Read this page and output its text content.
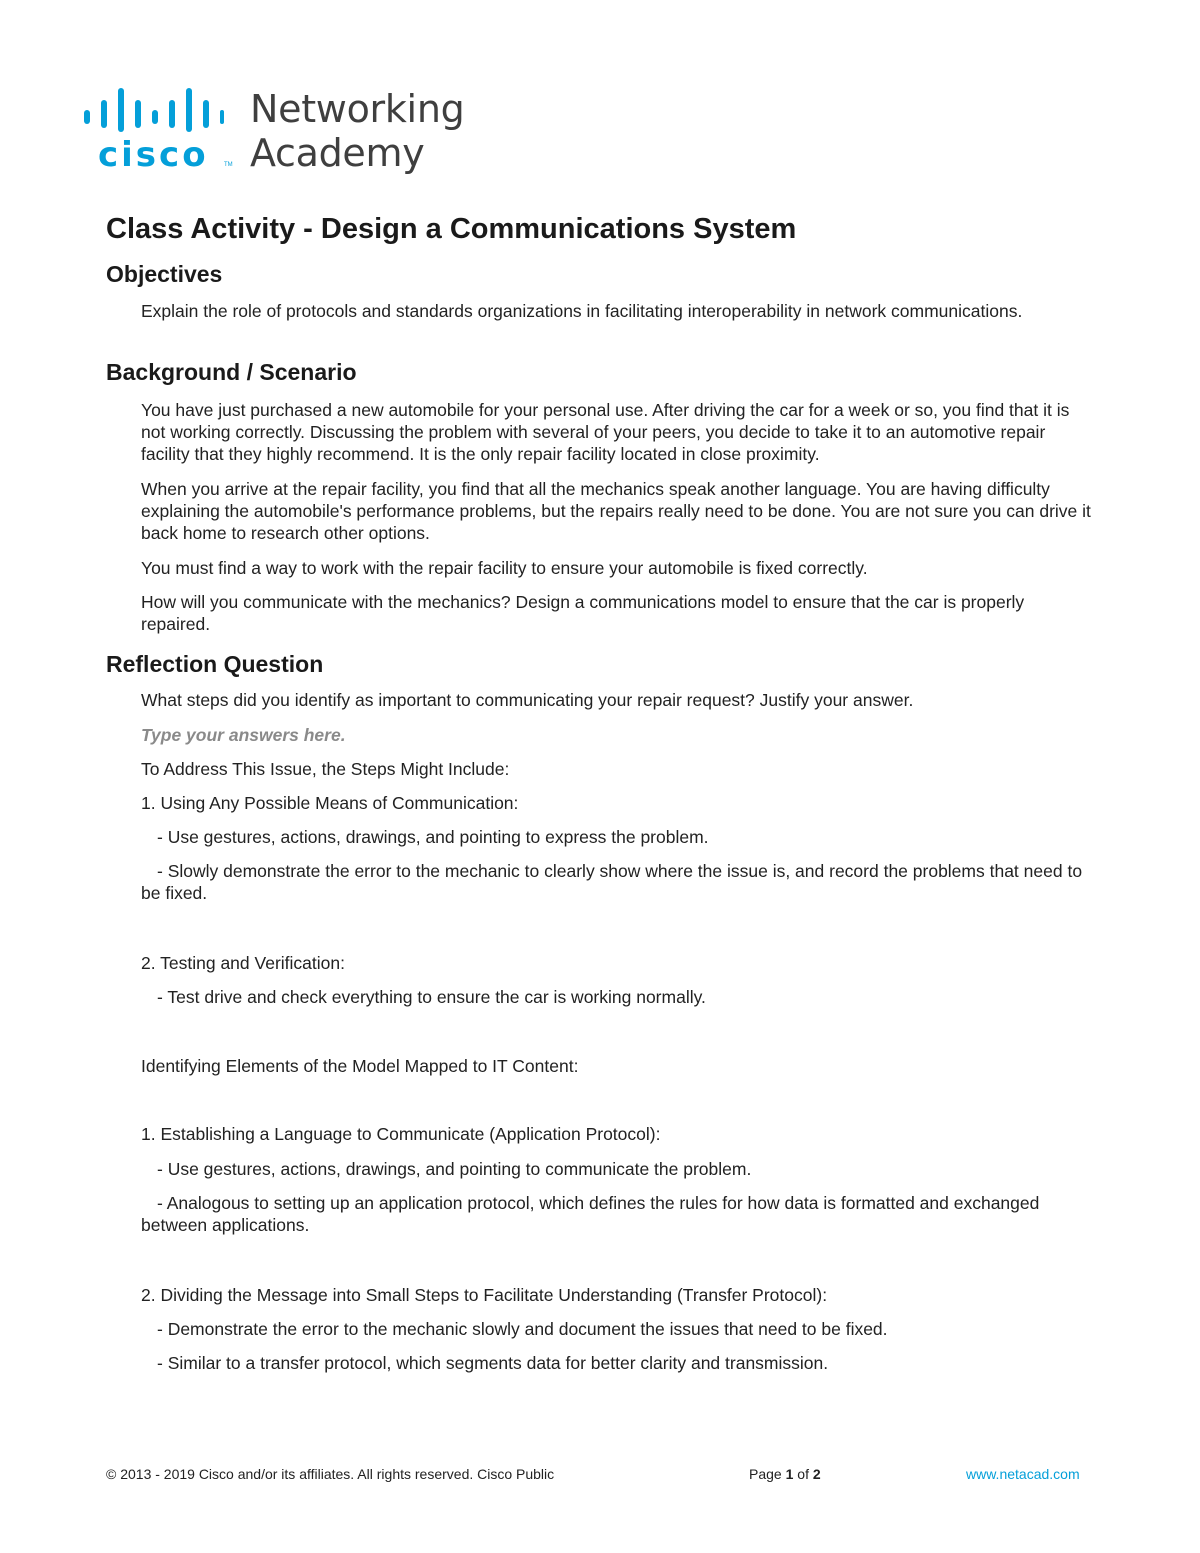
cisco	TM
Networking
Academy
Class Activity - Design a Communications System
Objectives

Explain the role of protocols and standards organizations in facilitating interoperability in network communications.

Background / Scenario

You have just purchased a new automobile for your personal use. After driving the car for a week or so, you find that it is not working correctly. Discussing the problem with several of your peers, you decide to take it to an automotive repair facility that they highly recommend. It is the only repair facility located in close proximity.

When you arrive at the repair facility, you find that all the mechanics speak another language. You are having difficulty explaining the automobile's performance problems, but the repairs really need to be done. You are not sure you can drive it back home to research other options.

You must find a way to work with the repair facility to ensure your automobile is fixed correctly.

How will you communicate with the mechanics? Design a communications model to ensure that the car is properly repaired.

Reflection Question

What steps did you identify as important to communicating your repair request? Justify your answer.

Type your answers here.

To Address This Issue, the Steps Might Include:

1. Using Any Possible Means of Communication:

- Use gestures, actions, drawings, and pointing to express the problem.

- Slowly demonstrate the error to the mechanic to clearly show where the issue is, and record the problems that need to be fixed.

2. Testing and Verification:

- Test drive and check everything to ensure the car is working normally.

Identifying Elements of the Model Mapped to IT Content:

1. Establishing a Language to Communicate (Application Protocol):

- Use gestures, actions, drawings, and pointing to communicate the problem.

- Analogous to setting up an application protocol, which defines the rules for how data is formatted and exchanged between applications.

2. Dividing the Message into Small Steps to Facilitate Understanding (Transfer Protocol):

- Demonstrate the error to the mechanic slowly and document the issues that need to be fixed.

- Similar to a transfer protocol, which segments data for better clarity and transmission.

© 2013 - 2019 Cisco and/or its affiliates. All rights reserved. Cisco Public	Page 1 of 2	www.netacad.com
